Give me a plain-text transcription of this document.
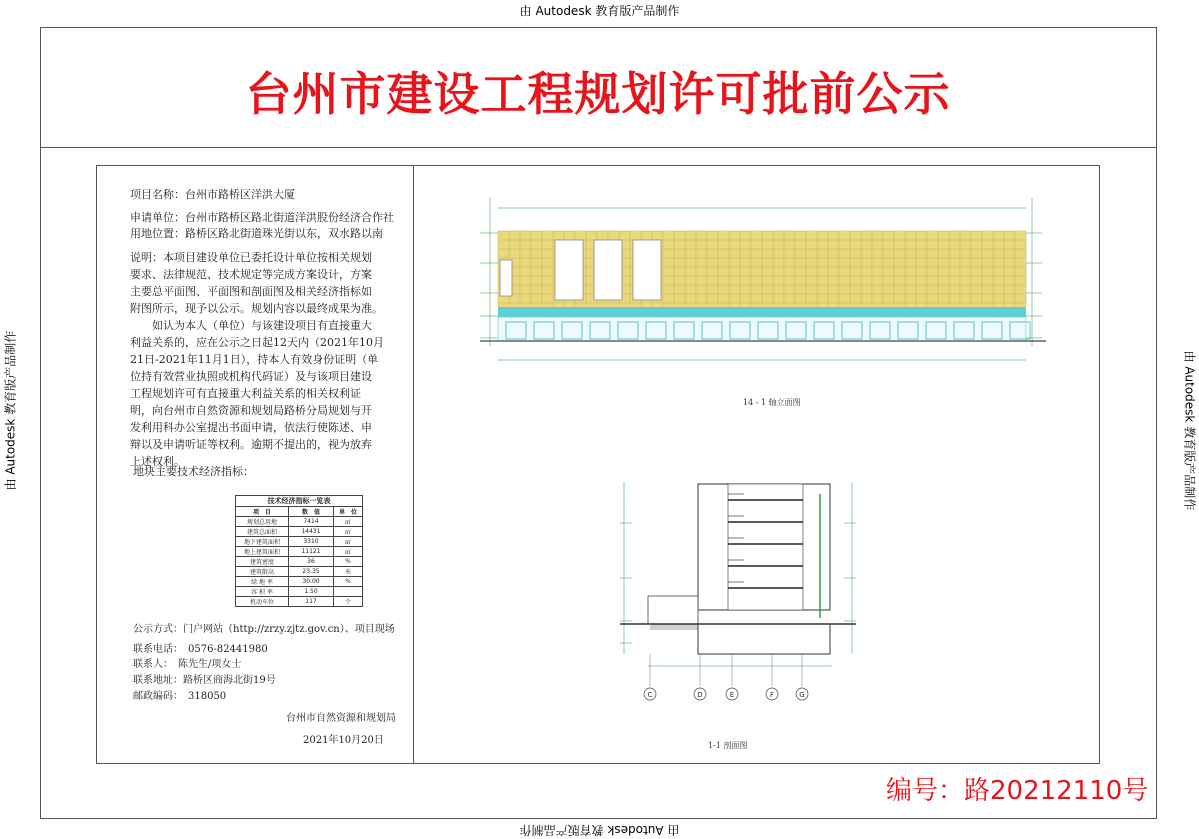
由 Autodesk 教育版产品制作
由 Autodesk 教育版产品制作
由 Autodesk 教育版产品制作	由 Autodesk 教育版产品制作
台州市建设工程规划许可批前公示
项目名称：台州市路桥区洋洪大厦
申请单位：台州市路桥区路北街道洋洪股份经济合作社
用地位置：路桥区路北街道珠光街以东，双水路以南
说明：本项目建设单位已委托设计单位按相关规划
要求、法律规范、技术规定等完成方案设计，方案
主要总平面图、平面图和剖面图及相关经济指标如
附图所示，现予以公示。规划内容以最终成果为准。
　　如认为本人（单位）与该建设项目有直接重大
利益关系的，应在公示之日起12天内（2021年10月
21日-2021年11月1日），持本人有效身份证明（单
位持有效营业执照或机构代码证）及与该项目建设
工程规划许可有直接重大利益关系的相关权利证
明，向台州市自然资源和规划局路桥分局规划与开
发利用科办公室提出书面申请，依法行使陈述、申
辩以及申请听证等权利。逾期不提出的，视为放弃
上述权利。
地块主要技术经济指标：
技术经济指标一览表		
项　目	数　值	单　位
规划总用地	7414	㎡
建筑总面积	14431	㎡
地下建筑面积	3310	㎡
地上建筑面积	11121	㎡
建筑密度	36	%
建筑限高	23.35	米
绿 地 率	30.00	%
容 积 率	1.50	
机动车位	117	个
公示方式：门户网站（http://zrzy.zjtz.gov.cn）、项目现场
联系电话：　0576-82441980
联系人：　陈先生/项女士
联系地址：路桥区商海北街19号
邮政编码：　318050
台州市自然资源和规划局
2021年10月20日
14 - 1 轴立面图
C	D	E	F	G
1-1 剖面图
编号：路20212110号
